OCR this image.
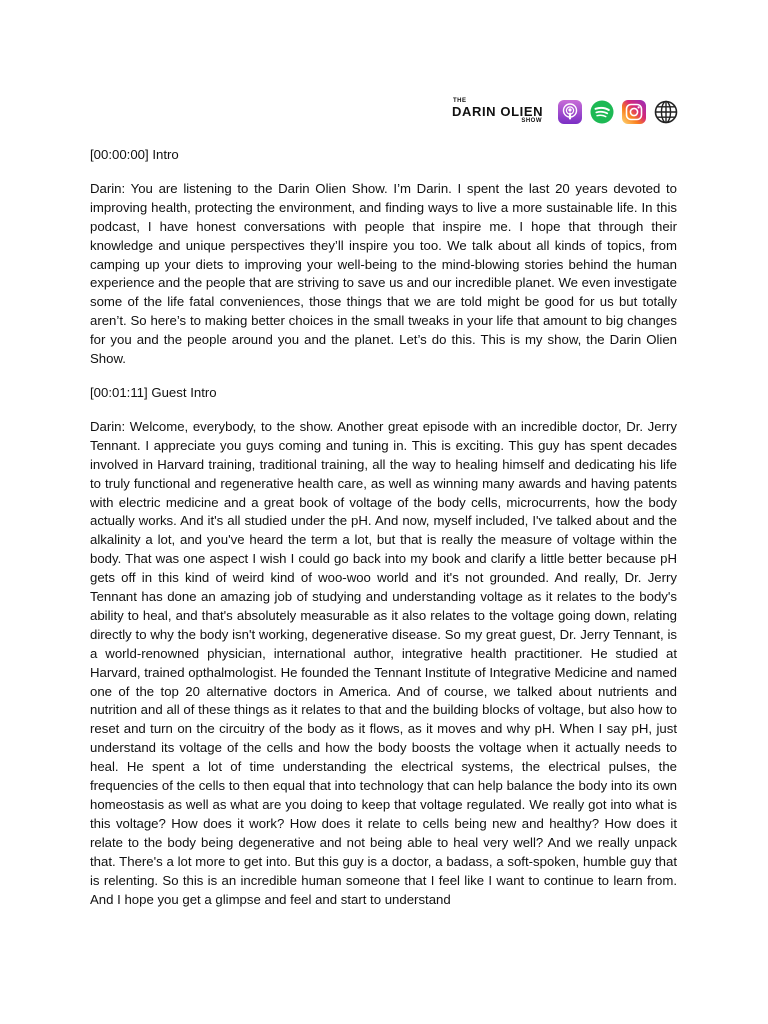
THE
DARIN OLIEN
SHOW

[00:00:00] Intro

Darin: You are listening to the Darin Olien Show. I’m Darin. I spent the last 20 years devoted to improving health, protecting the environment, and finding ways to live a more sustainable life. In this podcast, I have honest conversations with people that inspire me. I hope that through their knowledge and unique perspectives they’ll inspire you too. We talk about all kinds of topics, from camping up your diets to improving your well-being to the mind-blowing stories behind the human experience and the people that are striving to save us and our incredible planet. We even investigate some of the life fatal conveniences, those things that we are told might be good for us but totally aren’t. So here’s to making better choices in the small tweaks in your life that amount to big changes for you and the people around you and the planet. Let’s do this. This is my show, the Darin Olien Show.

[00:01:11] Guest Intro

Darin: Welcome, everybody, to the show. Another great episode with an incredible doctor, Dr. Jerry Tennant. I appreciate you guys coming and tuning in. This is exciting. This guy has spent decades involved in Harvard training, traditional training, all the way to healing himself and dedicating his life to truly functional and regenerative health care, as well as winning many awards and having patents with electric medicine and a great book of voltage of the body cells, microcurrents, how the body actually works. And it's all studied under the pH. And now, myself included, I've talked about and the alkalinity a lot, and you've heard the term a lot, but that is really the measure of voltage within the body. That was one aspect I wish I could go back into my book and clarify a little better because pH gets off in this kind of weird kind of woo-woo world and it's not grounded. And really, Dr. Jerry Tennant has done an amazing job of studying and understanding voltage as it relates to the body's ability to heal, and that's absolutely measurable as it also relates to the voltage going down, relating directly to why the body isn't working, degenerative disease. So my great guest, Dr. Jerry Tennant, is a world-renowned physician, international author, integrative health practitioner. He studied at Harvard, trained opthalmologist. He founded the Tennant Institute of Integrative Medicine and named one of the top 20 alternative doctors in America. And of course, we talked about nutrients and nutrition and all of these things as it relates to that and the building blocks of voltage, but also how to reset and turn on the circuitry of the body as it flows, as it moves and why pH. When I say pH, just understand its voltage of the cells and how the body boosts the voltage when it actually needs to heal. He spent a lot of time understanding the electrical systems, the electrical pulses, the frequencies of the cells to then equal that into technology that can help balance the body into its own homeostasis as well as what are you doing to keep that voltage regulated. We really got into what is this voltage? How does it work? How does it relate to cells being new and healthy? How does it relate to the body being degenerative and not being able to heal very well? And we really unpack that. There's a lot more to get into. But this guy is a doctor, a badass, a soft-spoken, humble guy that is relenting. So this is an incredible human someone that I feel like I want to continue to learn from. And I hope you get a glimpse and feel and start to understand
